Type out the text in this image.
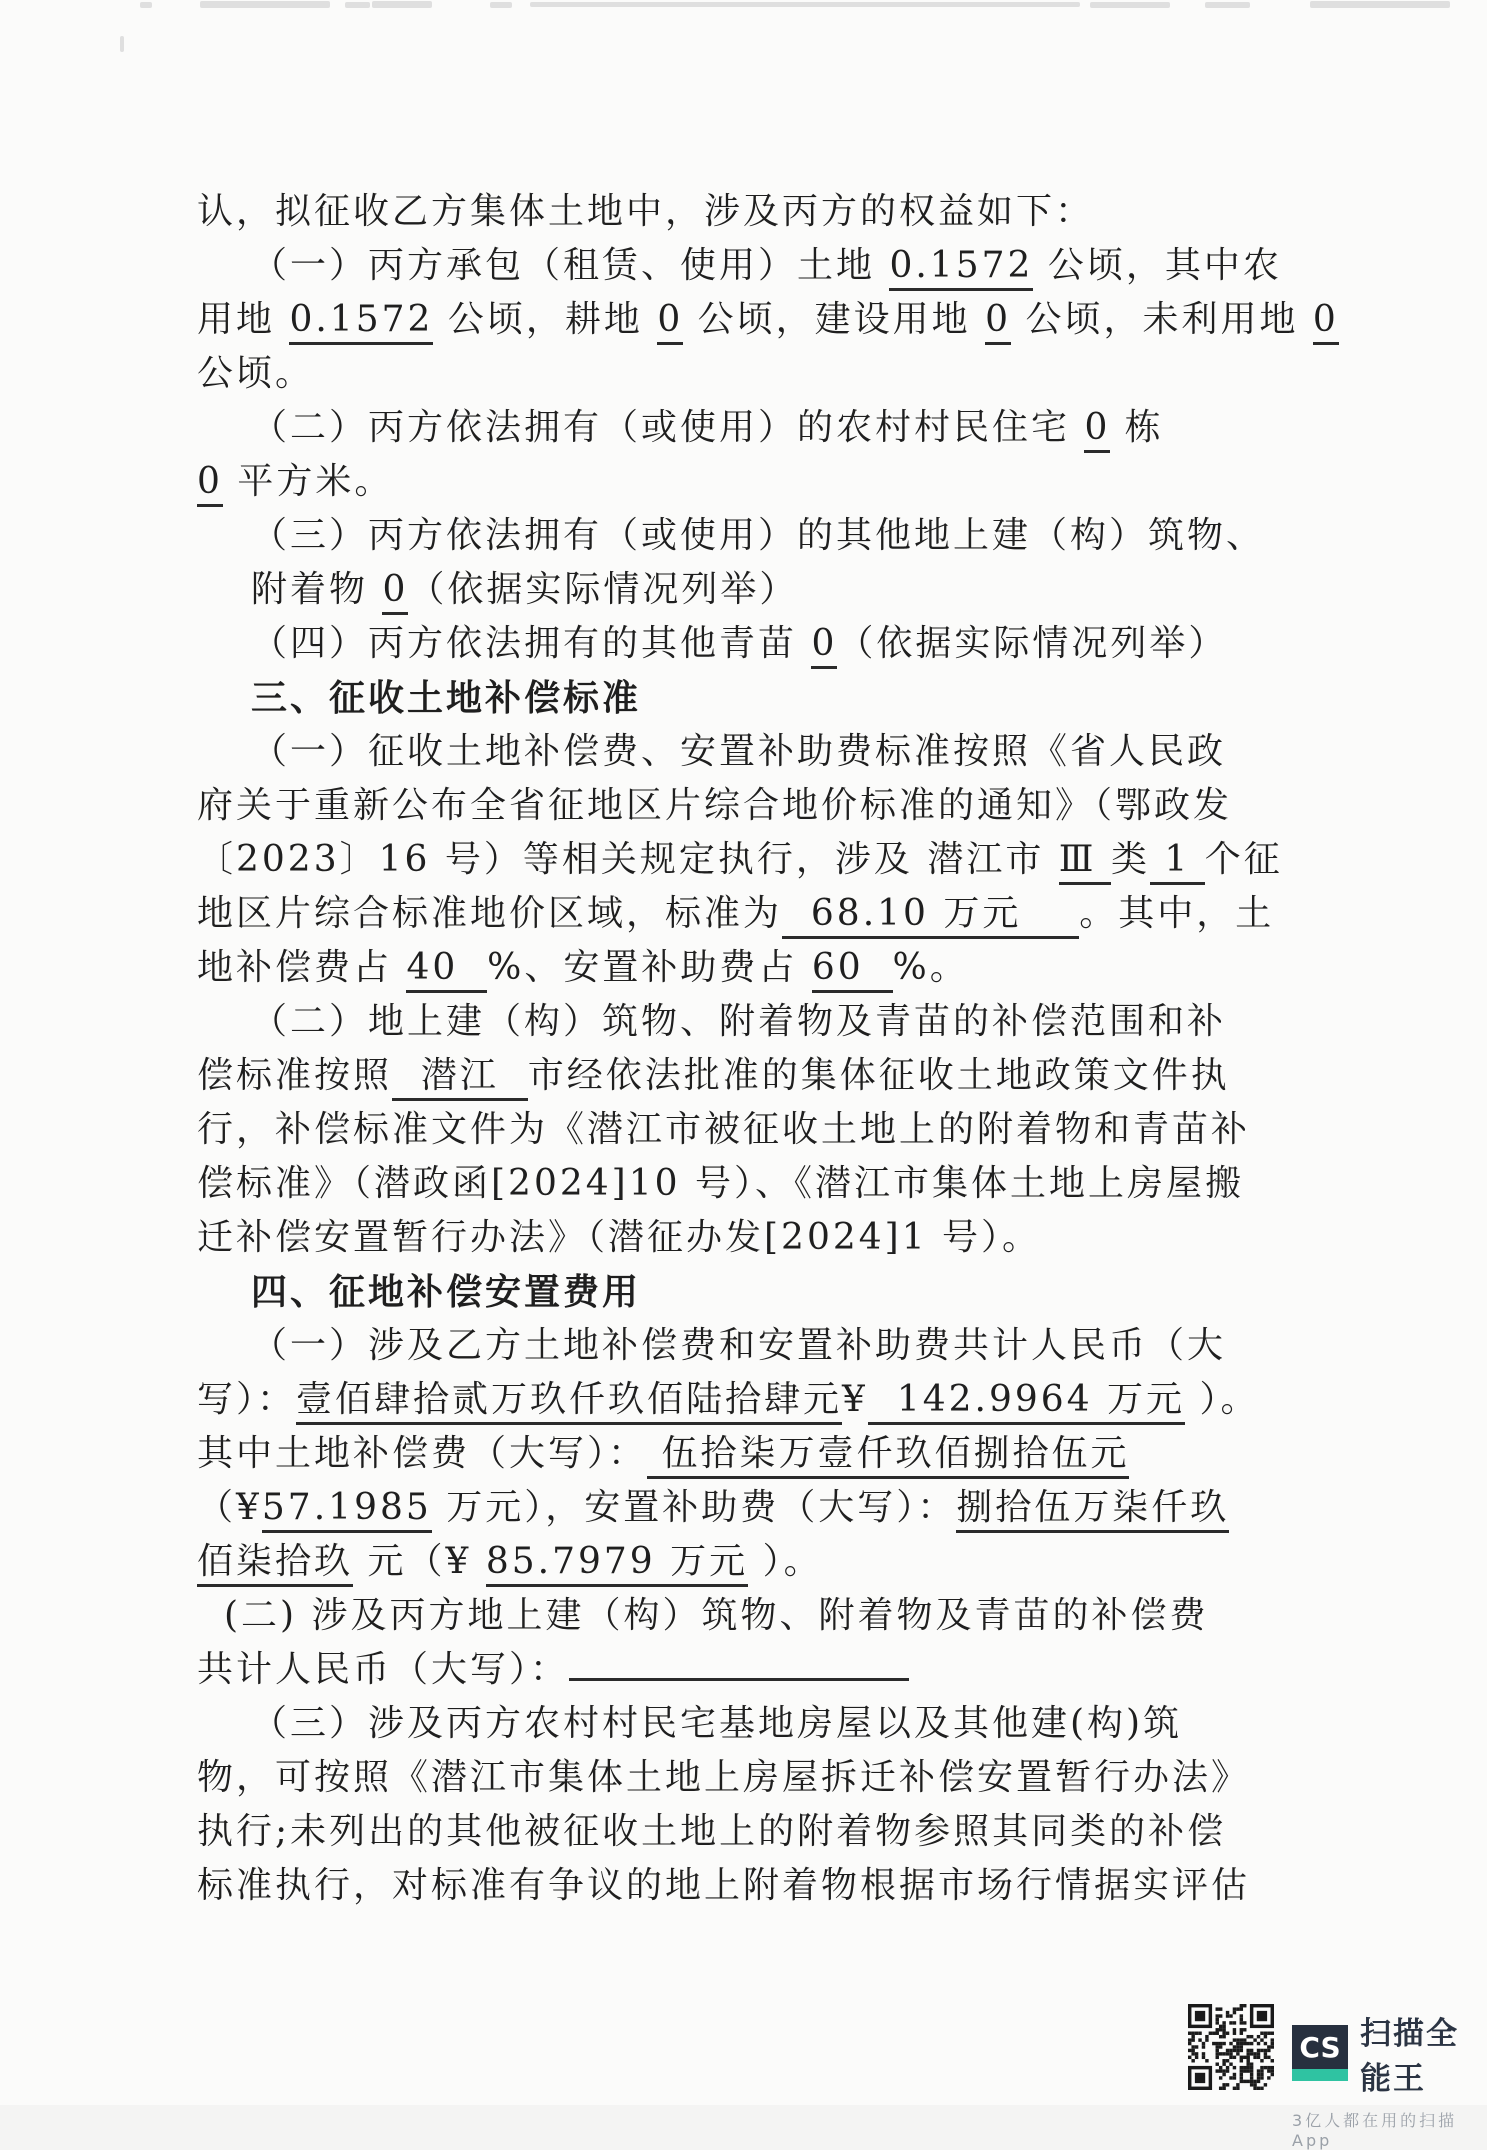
认，拟征收乙方集体土地中，涉及丙方的权益如下：
（一）丙方承包（租赁、使用）土地 0.1572 公顷，其中农
用地 0.1572 公顷，耕地 0 公顷，建设用地 0 公顷，未利用地 0
公顷。
（二）丙方依法拥有（或使用）的农村村民住宅 0 栋
0 平方米。
（三）丙方依法拥有（或使用）的其他地上建（构）筑物、
附着物 0（依据实际情况列举）
（四）丙方依法拥有的其他青苗 0（依据实际情况列举）
三、征收土地补偿标准
（一）征收土地补偿费、安置补助费标准按照《省人民政
府关于重新公布全省征地区片综合地价标准的通知》（鄂政发
〔2023〕16 号）等相关规定执行，涉及 潜江市 Ⅲ 类 1 个征
地区片综合标准地价区域，标准为  68.10 万元    。其中，土
地补偿费占 40  %、安置补助费占 60  %。
（二）地上建（构）筑物、附着物及青苗的补偿范围和补
偿标准按照  潜江  市经依法批准的集体征收土地政策文件执
行，补偿标准文件为《潜江市被征收土地上的附着物和青苗补
偿标准》（潜政函[2024]10 号）、《潜江市集体土地上房屋搬
迁补偿安置暂行办法》（潜征办发[2024]1 号）。
四、征地补偿安置费用
（一）涉及乙方土地补偿费和安置补助费共计人民币（大
写）：壹佰肆拾贰万玖仟玖佰陆拾肆元¥  142.9964 万元 ）。
其中土地补偿费（大写）： 伍拾柒万壹仟玖佰捌拾伍元
（¥57.1985 万元），安置补助费（大写）：捌拾伍万柒仟玖
佰柒拾玖 元（¥ 85.7979 万元 ）。
(二) 涉及丙方地上建（构）筑物、附着物及青苗的补偿费
共计人民币（大写）：
（三）涉及丙方农村村民宅基地房屋以及其他建(构)筑
物，可按照《潜江市集体土地上房屋拆迁补偿安置暂行办法》
执行;未列出的其他被征收土地上的附着物参照其同类的补偿
标准执行，对标准有争议的地上附着物根据市场行情据实评估
CS 扫描全能王
3亿人都在用的扫描App
